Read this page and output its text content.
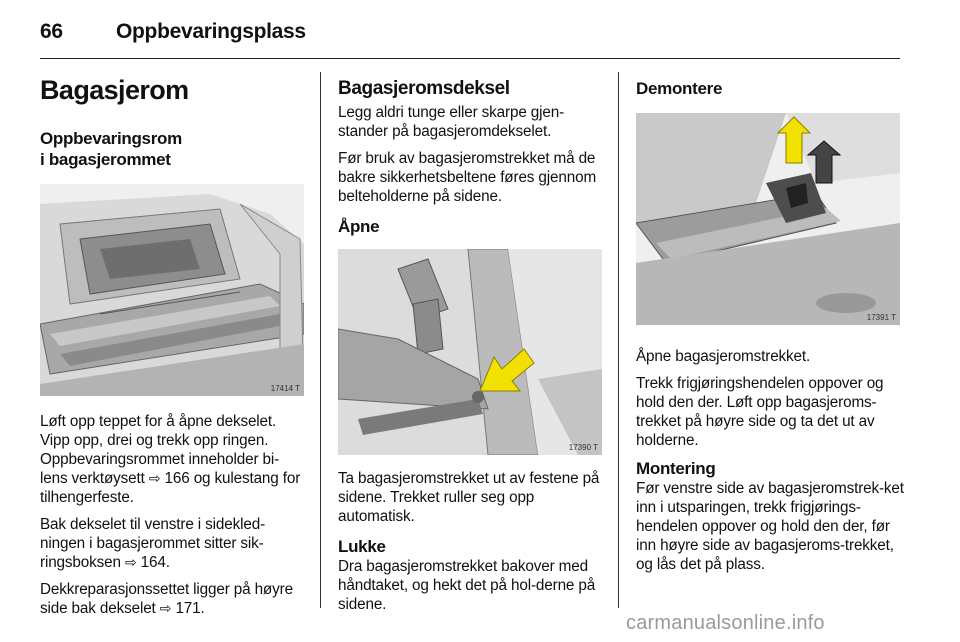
66	Oppbevaringsplass
Bagasjerom
Oppbevaringsrom
i bagasjerommet
17414 T

Løft opp teppet for å åpne dekselet. Vipp opp, drei og trekk opp ringen. Oppbevaringsrommet inneholder bi-lens verktøysett ⇨ 166 og kulestang for tilhengerfeste.

Bak dekselet til venstre i sidekled-ningen i bagasjerommet sitter sik-ringsboksen ⇨ 164.

Dekkreparasjonssettet ligger på høyre side bak dekselet ⇨ 171.

Bagasjeromsdeksel

Legg aldri tunge eller skarpe gjen-stander på bagasjeromdekselet.

Før bruk av bagasjeromstrekket må de bakre sikkerhetsbeltene føres gjennom belteholderne på sidene.

Åpne
17390 T

Ta bagasjeromstrekket ut av festene på sidene. Trekket ruller seg opp automatisk.

Lukke

Dra bagasjeromstrekket bakover med håndtaket, og hekt det på hol-derne på sidene.

Demontere
17391 T

Åpne bagasjeromstrekket.

Trekk frigjøringshendelen oppover og hold den der. Løft opp bagasjeroms-trekket på høyre side og ta det ut av holderne.

Montering

Før venstre side av bagasjeromstrek-ket inn i utsparingen, trekk frigjørings-hendelen oppover og hold den der, før inn høyre side av bagasjeroms-trekket, og lås det på plass.

carmanualsonline.info
